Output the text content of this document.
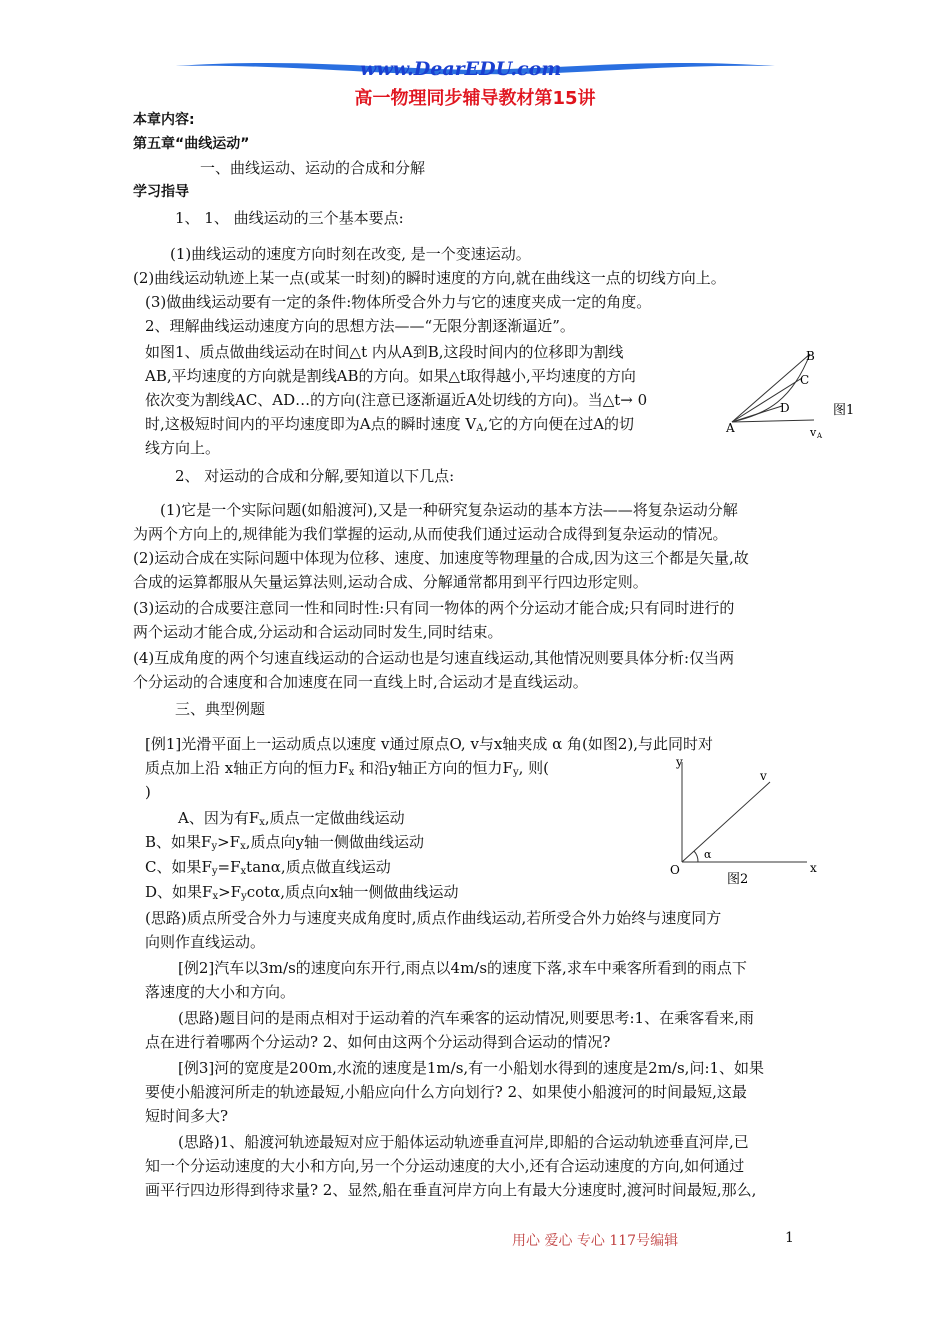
www.DearEDU.com
高一物理同步辅导教材第15讲
本章内容:
第五章“曲线运动”
一、曲线运动、运动的合成和分解
学习指导
1、 1、 曲线运动的三个基本要点:
(1)曲线运动的速度方向时刻在改变, 是一个变速运动。
(2)曲线运动轨迹上某一点(或某一时刻)的瞬时速度的方向,就在曲线这一点的切线方向上。
(3)做曲线运动要有一定的条件:物体所受合外力与它的速度夹成一定的角度。
2、理解曲线运动速度方向的思想方法——“无限分割逐渐逼近”。
如图1、质点做曲线运动在时间△t 内从A到B,这段时间内的位移即为割线
AB,平均速度的方向就是割线AB的方向。如果△t取得越小,平均速度的方向
依次变为割线AC、AD…的方向(注意已逐渐逼近A处切线的方向)。当△t→ 0
时,这极短时间内的平均速度即为A点的瞬时速度 $V_A$,它的方向便在过A的切
线方向上。
B
C
D
A	v A
图1
2、 对运动的合成和分解,要知道以下几点:
(1)它是一个实际问题(如船渡河),又是一种研究复杂运动的基本方法——将复杂运动分解
为两个方向上的,规律能为我们掌握的运动,从而使我们通过运动合成得到复杂运动的情况。
(2)运动合成在实际问题中体现为位移、速度、加速度等物理量的合成,因为这三个都是矢量,故
合成的运算都服从矢量运算法则,运动合成、分解通常都用到平行四边形定则。
(3)运动的合成要注意同一性和同时性:只有同一物体的两个分运动才能合成;只有同时进行的
两个运动才能合成,分运动和合运动同时发生,同时结束。
(4)互成角度的两个匀速直线运动的合运动也是匀速直线运动,其他情况则要具体分析:仅当两
个分运动的合速度和合加速度在同一直线上时,合运动才是直线运动。
三、典型例题
[例1]光滑平面上一运动质点以速度 v通过原点O, v与x轴夹成 α 角(如图2),与此同时对
质点加上沿 x轴正方向的恒力$F_x$ 和沿y轴正方向的恒力$F_y$, 则(
)
A、因为有$F_x$,质点一定做曲线运动
B、如果$F_y>F_x$,质点向y轴一侧做曲线运动
C、如果$F_y=F_x\tan\alpha$,质点做直线运动
D、如果$F_x>F_y\cot\alpha$,质点向x轴一侧做曲线运动
(思路)质点所受合外力与速度夹成角度时,质点作曲线运动,若所受合外力始终与速度同方
向则作直线运动。
y
v
α
O	x
图2
[例2]汽车以3m/s的速度向东开行,雨点以4m/s的速度下落,求车中乘客所看到的雨点下
落速度的大小和方向。
(思路)题目问的是雨点相对于运动着的汽车乘客的运动情况,则要思考:1、在乘客看来,雨
点在进行着哪两个分运动? 2、如何由这两个分运动得到合运动的情况?
[例3]河的宽度是200m,水流的速度是1m/s,有一小船划水得到的速度是2m/s,问:1、如果
要使小船渡河所走的轨迹最短,小船应向什么方向划行? 2、如果使小船渡河的时间最短,这最
短时间多大?
(思路)1、船渡河轨迹最短对应于船体运动轨迹垂直河岸,即船的合运动轨迹垂直河岸,已
知一个分运动速度的大小和方向,另一个分运动速度的大小,还有合运动速度的方向,如何通过
画平行四边形得到待求量? 2、显然,船在垂直河岸方向上有最大分速度时,渡河时间最短,那么,
用心 爱心 专心 117号编辑	1
